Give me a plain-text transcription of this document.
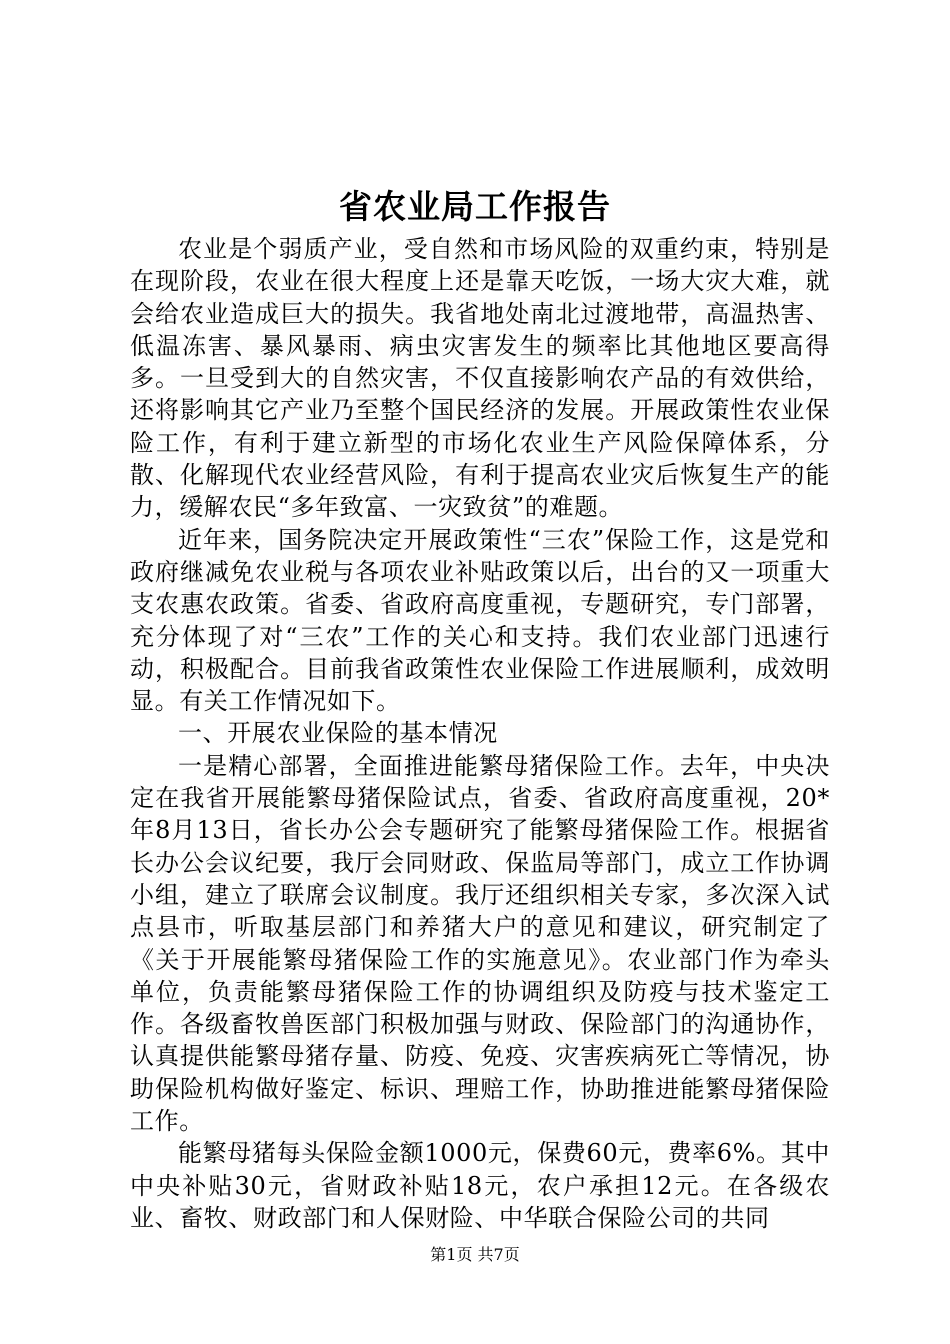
省农业局工作报告

农业是个弱质产业，受自然和市场风险的双重约束，特别是在现阶段，农业在很大程度上还是靠天吃饭，一场大灾大难，就会给农业造成巨大的损失。我省地处南北过渡地带，高温热害、低温冻害、暴风暴雨、病虫灾害发生的频率比其他地区要高得多。一旦受到大的自然灾害，不仅直接影响农产品的有效供给，还将影响其它产业乃至整个国民经济的发展。开展政策性农业保险工作，有利于建立新型的市场化农业生产风险保障体系，分散、化解现代农业经营风险，有利于提高农业灾后恢复生产的能力，缓解农民“多年致富、一灾致贫”的难题。

近年来，国务院决定开展政策性“三农”保险工作，这是党和政府继减免农业税与各项农业补贴政策以后，出台的又一项重大支农惠农政策。省委、省政府高度重视，专题研究，专门部署，充分体现了对“三农”工作的关心和支持。我们农业部门迅速行动，积极配合。目前我省政策性农业保险工作进展顺利，成效明显。有关工作情况如下。

一、开展农业保险的基本情况

一是精心部署，全面推进能繁母猪保险工作。去年，中央决定在我省开展能繁母猪保险试点，省委、省政府高度重视，20*年8月13日，省长办公会专题研究了能繁母猪保险工作。根据省长办公会议纪要，我厅会同财政、保监局等部门，成立工作协调小组，建立了联席会议制度。我厅还组织相关专家，多次深入试点县市，听取基层部门和养猪大户的意见和建议，研究制定了《关于开展能繁母猪保险工作的实施意见》。农业部门作为牵头单位，负责能繁母猪保险工作的协调组织及防疫与技术鉴定工作。各级畜牧兽医部门积极加强与财政、保险部门的沟通协作，认真提供能繁母猪存量、防疫、免疫、灾害疾病死亡等情况，协助保险机构做好鉴定、标识、理赔工作，协助推进能繁母猪保险工作。

能繁母猪每头保险金额1000元，保费60元，费率6%。其中中央补贴30元，省财政补贴18元，农户承担12元。在各级农业、畜牧、财政部门和人保财险、中华联合保险公司的共同

第1页 共7页
